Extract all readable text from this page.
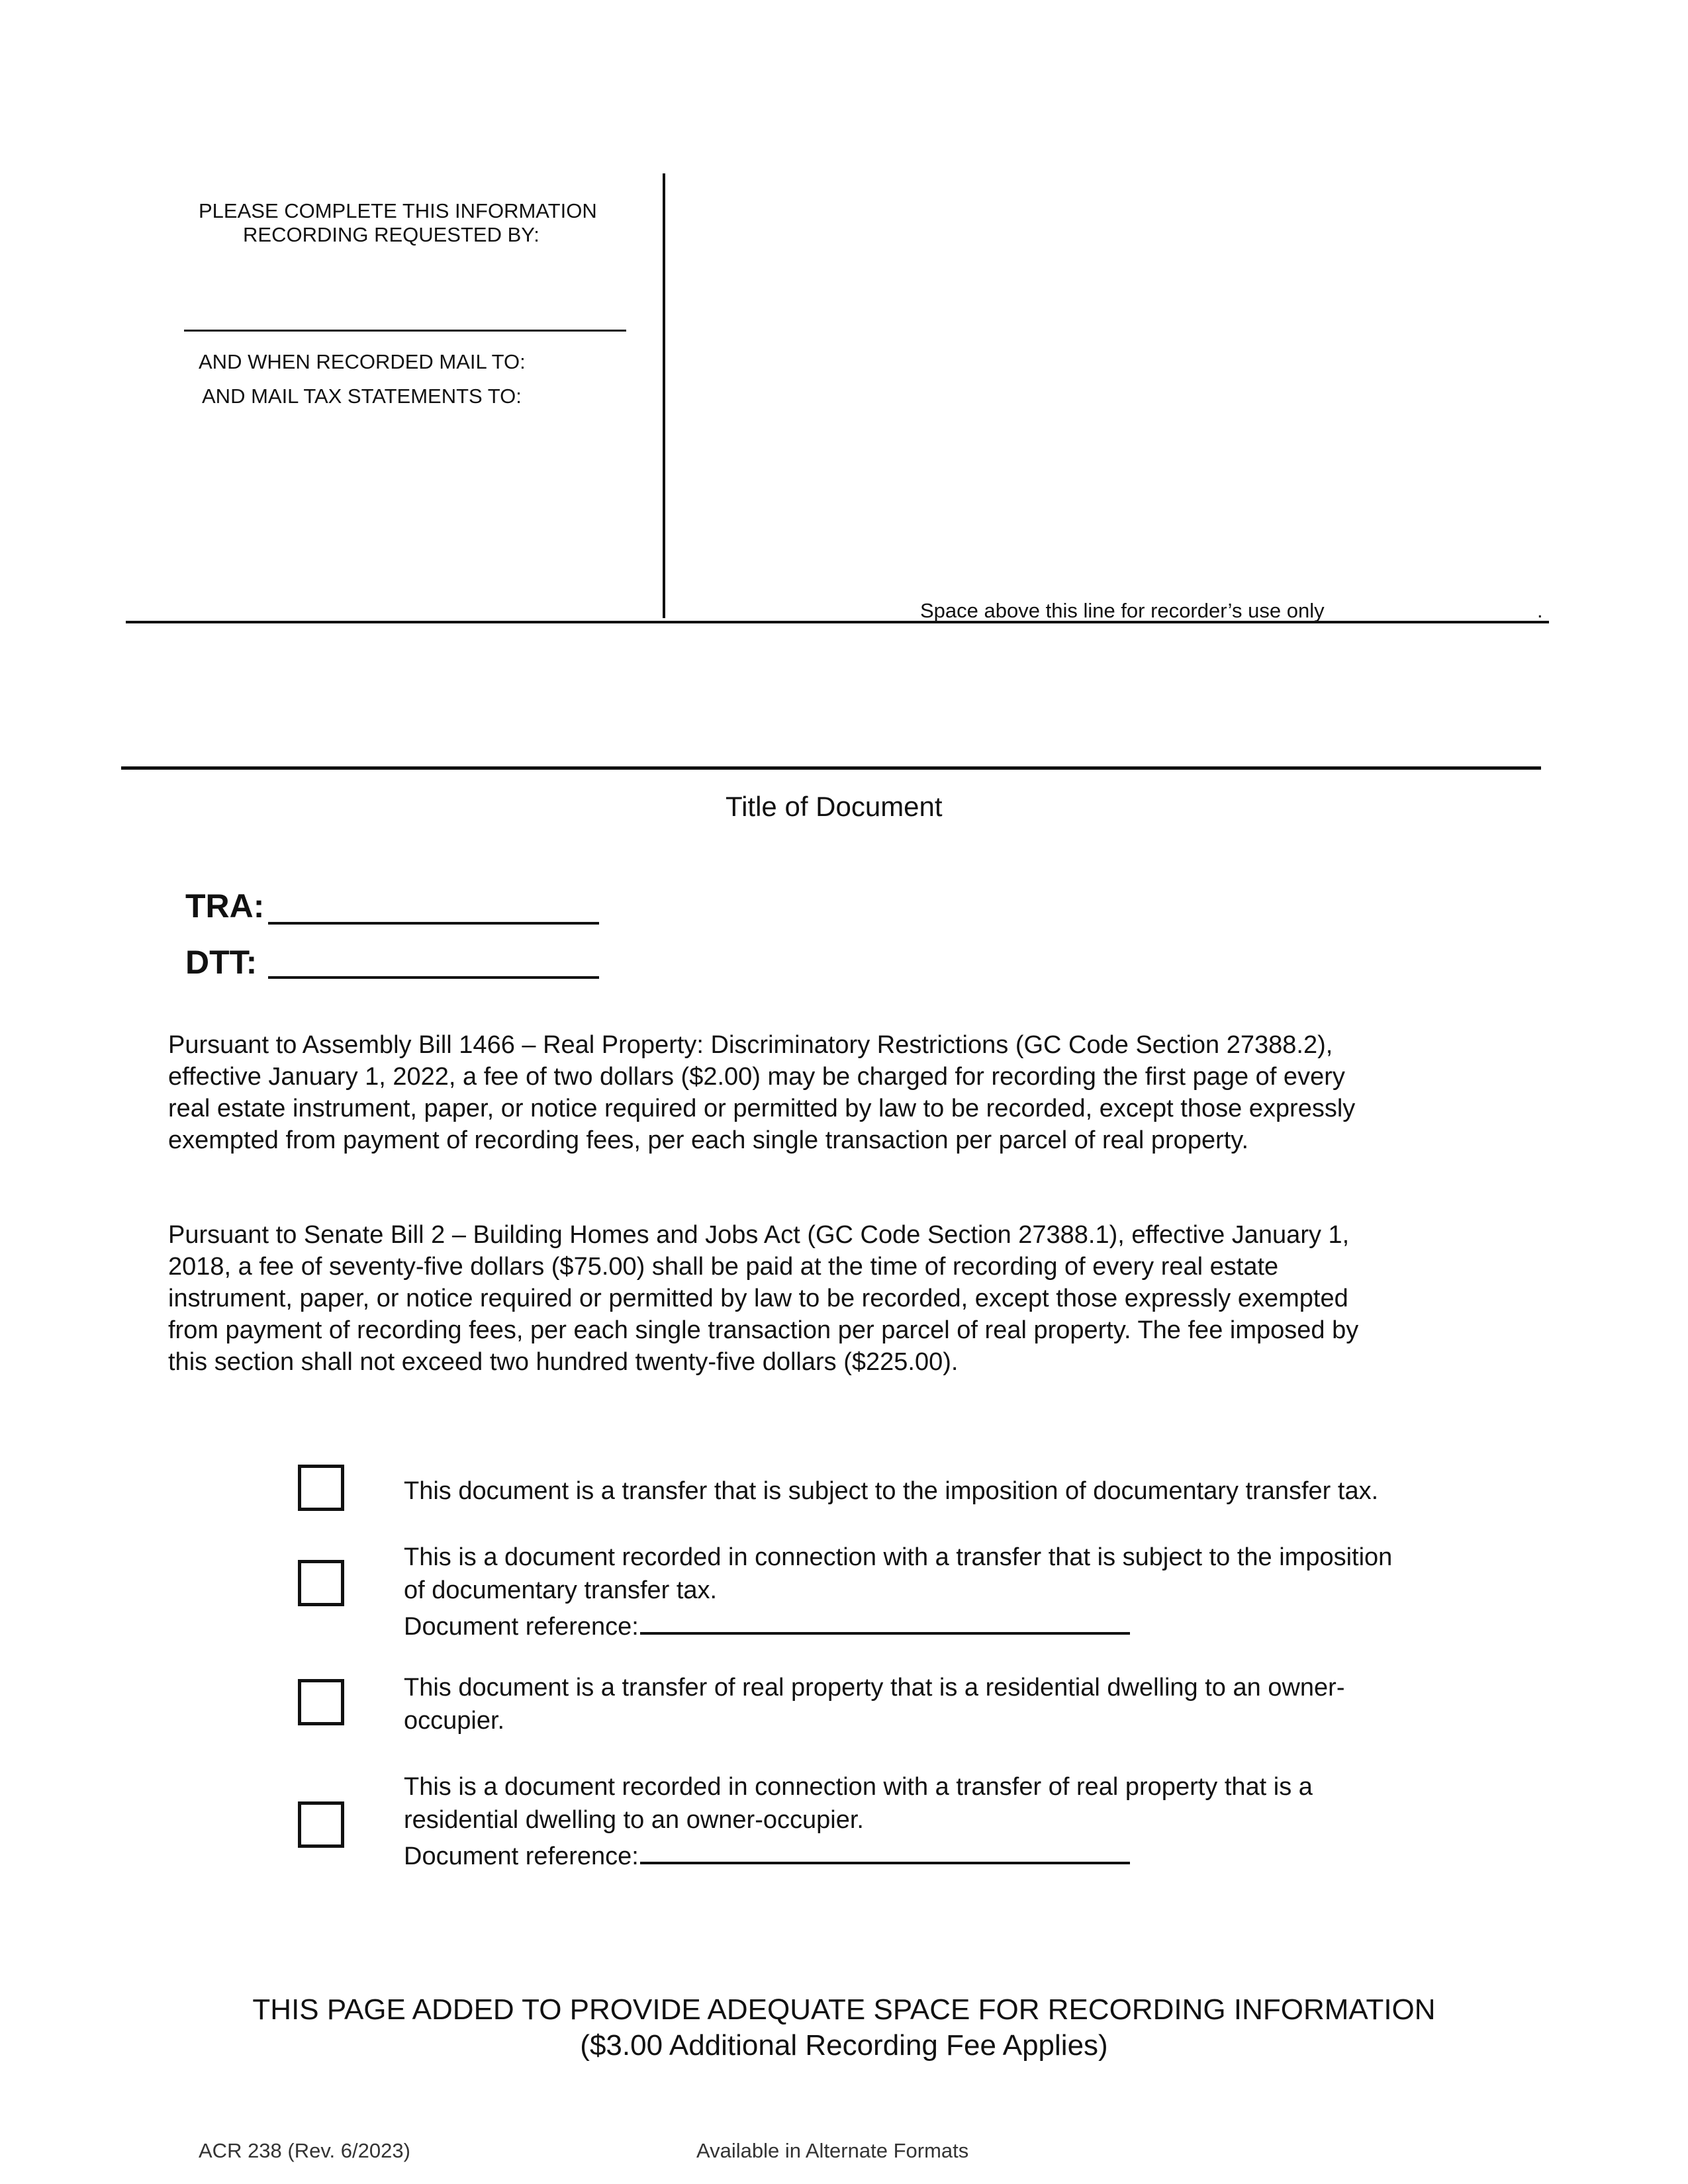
PLEASE COMPLETE THIS INFORMATION
RECORDING REQUESTED BY:
AND WHEN RECORDED MAIL TO:
AND MAIL TAX STATEMENTS TO:
Space above this line for recorder’s use only	.
Title of Document
TRA:
DTT:
Pursuant to Assembly Bill 1466 – Real Property: Discriminatory Restrictions (GC Code Section 27388.2),
effective January 1, 2022, a fee of two dollars ($2.00) may be charged for recording the first page of every
real estate instrument, paper, or notice required or permitted by law to be recorded, except those expressly
exempted from payment of recording fees, per each single transaction per parcel of real property.
Pursuant to Senate Bill 2 – Building Homes and Jobs Act (GC Code Section 27388.1), effective January 1,
2018, a fee of seventy-five dollars ($75.00) shall be paid at the time of recording of every real estate
instrument, paper, or notice required or permitted by law to be recorded, except those expressly exempted
from payment of recording fees, per each single transaction per parcel of real property. The fee imposed by
this section shall not exceed two hundred twenty-five dollars ($225.00).
This document is a transfer that is subject to the imposition of documentary transfer tax.
This is a document recorded in connection with a transfer that is subject to the imposition
of documentary transfer tax.
Document reference:
This document is a transfer of real property that is a residential dwelling to an owner-
occupier.
This is a document recorded in connection with a transfer of real property that is a
residential dwelling to an owner-occupier.
Document reference:
THIS PAGE ADDED TO PROVIDE ADEQUATE SPACE FOR RECORDING INFORMATION
($3.00 Additional Recording Fee Applies)
ACR 238 (Rev. 6/2023)	Available in Alternate Formats
